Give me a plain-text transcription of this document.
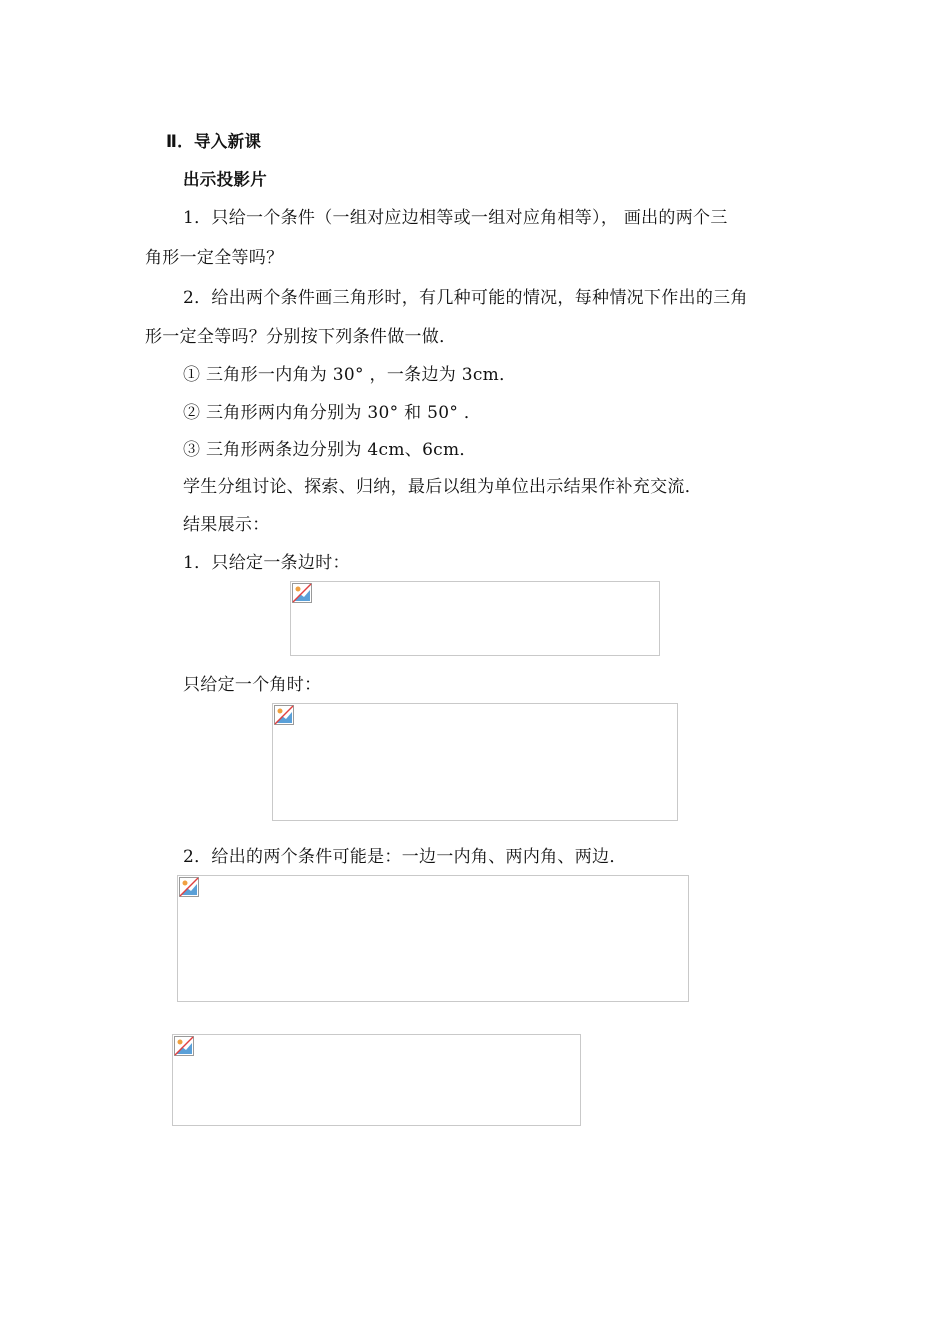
Ⅱ．导入新课
出示投影片
1．只给一个条件（一组对应边相等或一组对应角相等）， 画出的两个三
角形一定全等吗？
2．给出两个条件画三角形时，有几种可能的情况，每种情况下作出的三角
形一定全等吗？分别按下列条件做一做．
① 三角形一内角为 30° ，一条边为 3cm．
② 三角形两内角分别为 30° 和 50° ．
③ 三角形两条边分别为 4cm、6cm．
学生分组讨论、探索、归纳，最后以组为单位出示结果作补充交流．
结果展示：
1．只给定一条边时：
只给定一个角时：
2．给出的两个条件可能是：一边一内角、两内角、两边．
